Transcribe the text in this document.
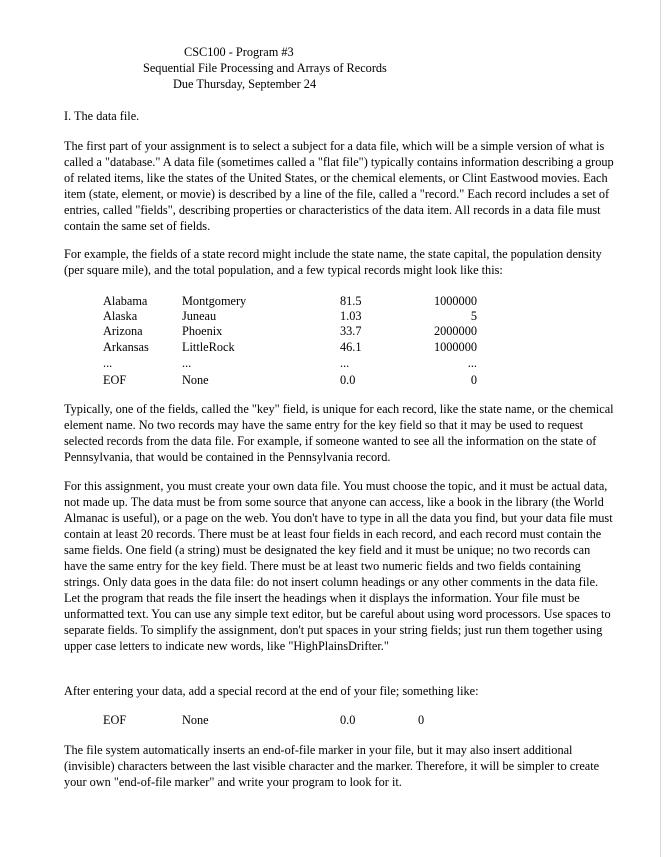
CSC100 - Program #3
Sequential File Processing and Arrays of Records
Due Thursday, September 24
I. The data file.
The first part of your assignment is to select a subject for a data file, which will be a simple version of what is called a "database." A data file (sometimes called a "flat file") typically contains information describing a group of related items, like the states of the United States, or the chemical elements, or Clint Eastwood movies. Each item (state, element, or movie) is described by a line of the file, called a "record." Each record includes a set of entries, called "fields", describing properties or characteristics of the data item. All records in a data file must contain the same set of fields.
For example, the fields of a state record might include the state name, the state capital, the population density (per square mile), and the total population, and a few typical records might look like this:
Alabama	Montgomery	81.5	1000000
Alaska	Juneau	1.03	5
Arizona	Phoenix	33.7	2000000
Arkansas	LittleRock	46.1	1000000
...	...	...	...
EOF	None	0.0	0
Typically, one of the fields, called the "key" field, is unique for each record, like the state name, or the chemical element name. No two records may have the same entry for the key field so that it may be used to request selected records from the data file. For example, if someone wanted to see all the information on the state of Pennsylvania, that would be contained in the Pennsylvania record.
For this assignment, you must create your own data file. You must choose the topic, and it must be actual data, not made up. The data must be from some source that anyone can access, like a book in the library (the World Almanac is useful), or a page on the web. You don't have to type in all the data you find, but your data file must contain at least 20 records. There must be at least four fields in each record, and each record must contain the same fields. One field (a string) must be designated the key field and it must be unique; no two records can have the same entry for the key field. There must be at least two numeric fields and two fields containing strings. Only data goes in the data file: do not insert column headings or any other comments in the data file. Let the program that reads the file insert the headings when it displays the information. Your file must be unformatted text. You can use any simple text editor, but be careful about using word processors. Use spaces to separate fields. To simplify the assignment, don't put spaces in your string fields; just run them together using upper case letters to indicate new words, like "HighPlainsDrifter."
After entering your data, add a special record at the end of your file; something like:
EOF	None	0.0	0
The file system automatically inserts an end-of-file marker in your file, but it may also insert additional (invisible) characters between the last visible character and the marker. Therefore, it will be simpler to create your own "end-of-file marker" and write your program to look for it.
